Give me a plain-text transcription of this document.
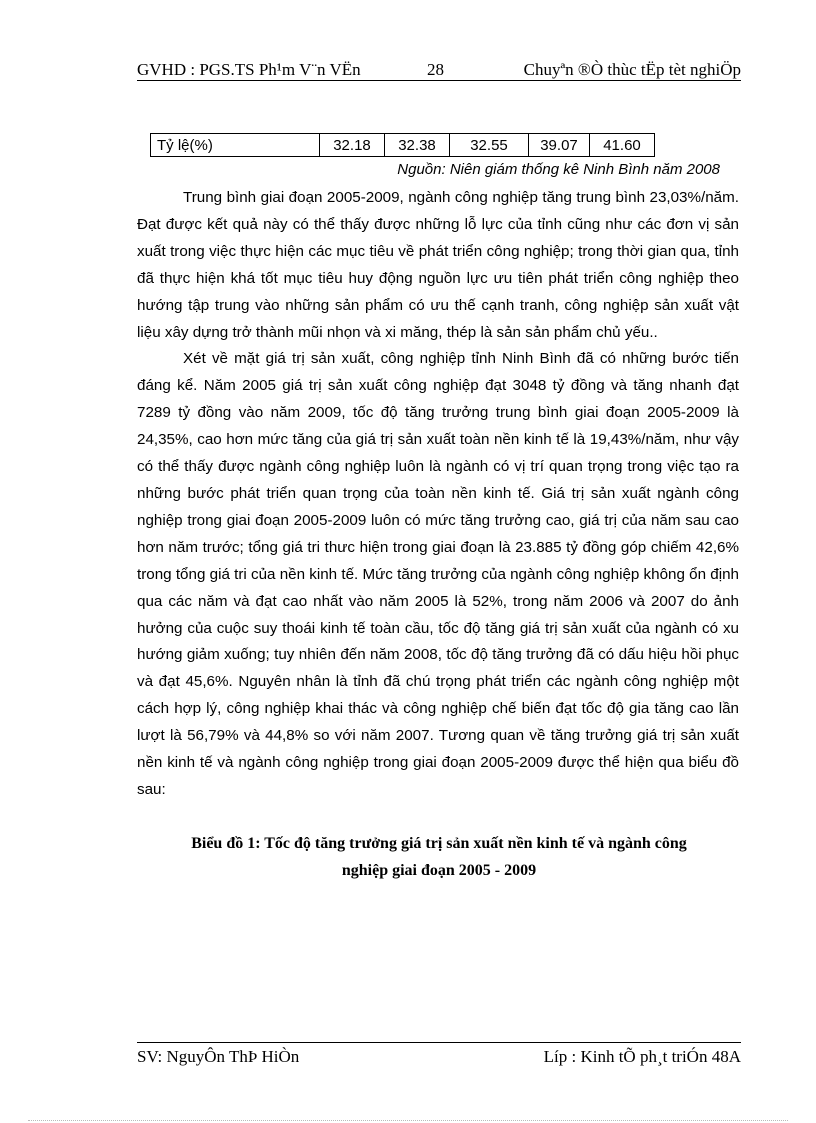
GVHD : PGS.TS Ph¹m V¨n VËn	28	Chuyªn ®Ò thùc tËp tèt nghiÖp
Tỷ lệ(%)	32.18	32.38	32.55	39.07	41.60
Nguồn: Niên giám thống kê Ninh Bình năm 2008

Trung bình giai đoạn 2005-2009, ngành công nghiệp tăng trung bình 23,03%/năm. Đạt được kết quả này có thể thấy được những lỗ lực của tỉnh cũng như các đơn vị sản xuất trong việc thực hiện các mục tiêu về phát triển công nghiệp; trong thời gian qua, tỉnh đã thực hiện khá tốt mục tiêu huy động nguồn lực ưu tiên phát triển công nghiệp theo hướng tập trung vào những sản phẩm có ưu thế cạnh tranh, công nghiệp sản xuất vật liệu xây dựng trở thành mũi nhọn và xi măng, thép là sản sản phẩm chủ yếu..

Xét về mặt giá trị sản xuất, công nghiệp tỉnh Ninh Bình đã có những bước tiến đáng kể. Năm 2005 giá trị sản xuất công nghiệp đạt 3048 tỷ đồng và tăng nhanh đạt 7289 tỷ đồng vào năm 2009, tốc độ tăng trưởng trung bình giai đoạn 2005-2009 là 24,35%, cao hơn mức tăng của giá trị sản xuất toàn nền kinh tế là 19,43%/năm, như vậy có thể thấy được ngành công nghiệp luôn là ngành có vị trí quan trọng trong việc tạo ra những bước phát triển quan trọng của toàn nền kinh tế. Giá trị sản xuất ngành công nghiệp trong giai đoạn 2005-2009 luôn có mức tăng trưởng cao, giá trị của năm sau cao hơn năm trước; tổng giá tri thưc hiện trong giai đoạn là 23.885 tỷ đồng góp chiếm 42,6% trong tổng giá tri của nền kinh tế. Mức tăng trưởng của ngành công nghiệp không ổn định qua các năm và đạt cao nhất vào năm 2005 là 52%, trong năm 2006 và 2007 do ảnh hưởng của cuộc suy thoái kinh tế toàn cầu, tốc độ tăng giá trị sản xuất của ngành có xu hướng giảm xuống; tuy nhiên đến năm 2008, tốc độ tăng trưởng đã có dấu hiệu hồi phục và đạt 45,6%. Nguyên nhân là tỉnh đã chú trọng phát triển các ngành công nghiệp một cách hợp lý, công nghiệp khai thác và công nghiệp chế biến đạt tốc độ gia tăng cao lần lượt là 56,79% và 44,8% so với năm 2007. Tương quan về tăng trưởng giá trị sản xuất nền kinh tế và ngành công nghiệp trong giai đoạn 2005-2009 được thể hiện qua biểu đồ sau:

Biểu đồ 1: Tốc độ tăng trưởng giá trị sản xuất nền kinh tế và ngành công
nghiệp giai đoạn 2005 - 2009
SV: NguyÔn ThÞ HiÒn	Líp : Kinh tÕ ph¸t triÓn 48A
